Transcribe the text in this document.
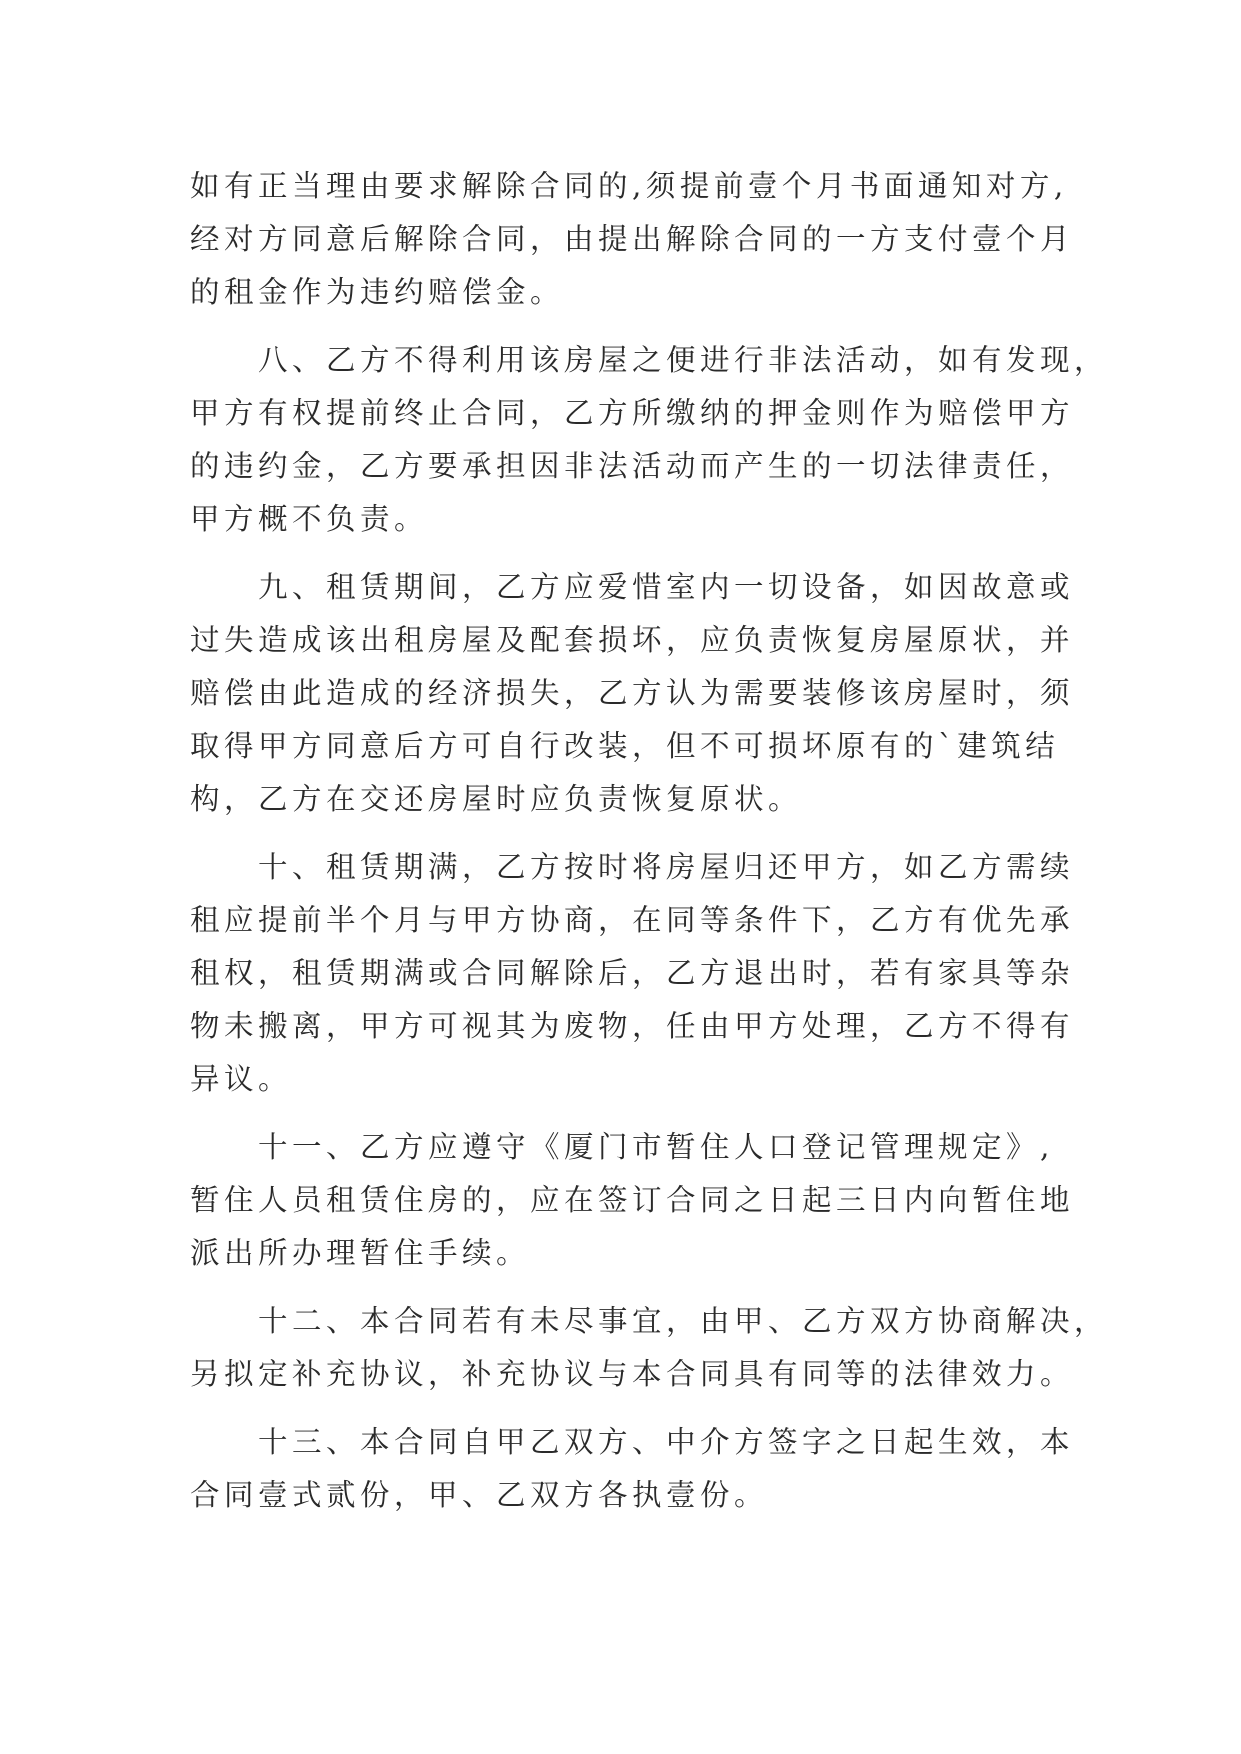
如有正当理由要求解除合同的,须提前壹个月书面通知对方,
经对方同意后解除合同，由提出解除合同的一方支付壹个月
的租金作为违约赔偿金。
　　八、乙方不得利用该房屋之便进行非法活动，如有发现，
甲方有权提前终止合同，乙方所缴纳的押金则作为赔偿甲方
的违约金，乙方要承担因非法活动而产生的一切法律责任，
甲方概不负责。
　　九、租赁期间，乙方应爱惜室内一切设备，如因故意或
过失造成该出租房屋及配套损坏，应负责恢复房屋原状，并
赔偿由此造成的经济损失，乙方认为需要装修该房屋时，须
取得甲方同意后方可自行改装，但不可损坏原有的`建筑结
构，乙方在交还房屋时应负责恢复原状。
　　十、租赁期满，乙方按时将房屋归还甲方，如乙方需续
租应提前半个月与甲方协商，在同等条件下，乙方有优先承
租权，租赁期满或合同解除后，乙方退出时，若有家具等杂
物未搬离，甲方可视其为废物，任由甲方处理，乙方不得有
异议。
　　十一、乙方应遵守《厦门市暂住人口登记管理规定》,
暂住人员租赁住房的，应在签订合同之日起三日内向暂住地
派出所办理暂住手续。
　　十二、本合同若有未尽事宜，由甲、乙方双方协商解决，
另拟定补充协议，补充协议与本合同具有同等的法律效力。
　　十三、本合同自甲乙双方、中介方签字之日起生效，本
合同壹式贰份，甲、乙双方各执壹份。
